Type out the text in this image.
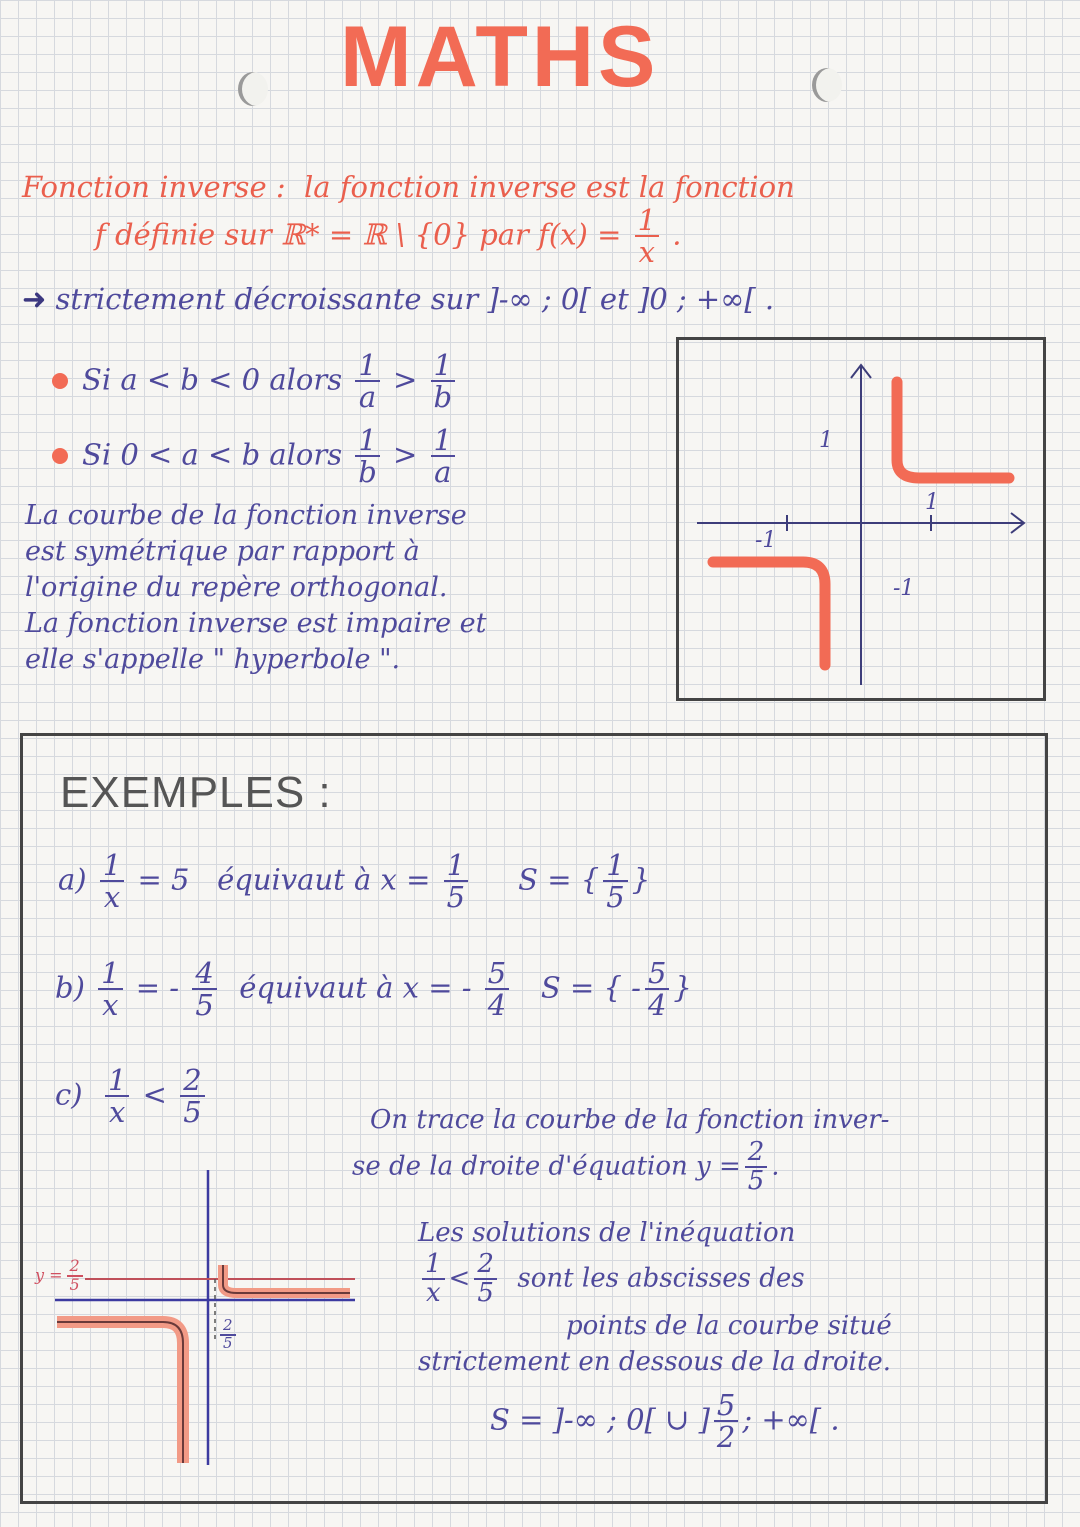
MATHS
Fonction inverse : la fonction inverse est la fonction
f définie sur ℝ* = ℝ \ {0} par $f(x) = \frac{1}{x}$ .
➜ strictement décroissante sur ]-∞ ; 0[ et ]0 ; +∞[ .
Si a < b < 0 alors $\frac{1}{a} > \frac{1}{b}$
Si 0 < a < b alors $\frac{1}{b} > \frac{1}{a}$
La courbe de la fonction inverse
est symétrique par rapport à
l'origine du repère orthogonal.
La fonction inverse est impaire et
elle s'appelle " hyperbole ".
1
1
-1
-1
EXEMPLES :
$a) \frac{1}{x} = 5$ équivaut à $x = \frac{1}{5}$ S = { $\frac{1}{5}$ }
$b) \frac{1}{x}$ = - $\frac{4}{5}$ équivaut à x = - $\frac{5}{4}$ S = { - $\frac{5}{4}$ }
$c) \frac{1}{x} < \frac{2}{5}$	On trace la courbe de la fonction inver-
se de la droite d'équation $y = \frac{2}{5}$ .
Les solutions de l'inéquation
$\frac{1}{x} < \frac{2}{5}$ sont les abscisses des
points de la courbe situé
strictement en dessous de la droite.
S = ]-∞ ; 0[ ∪ ] $\frac{5}{2}$ ; +∞[ .
$y = \frac{2}{5}$
$\frac{2}{5}$
